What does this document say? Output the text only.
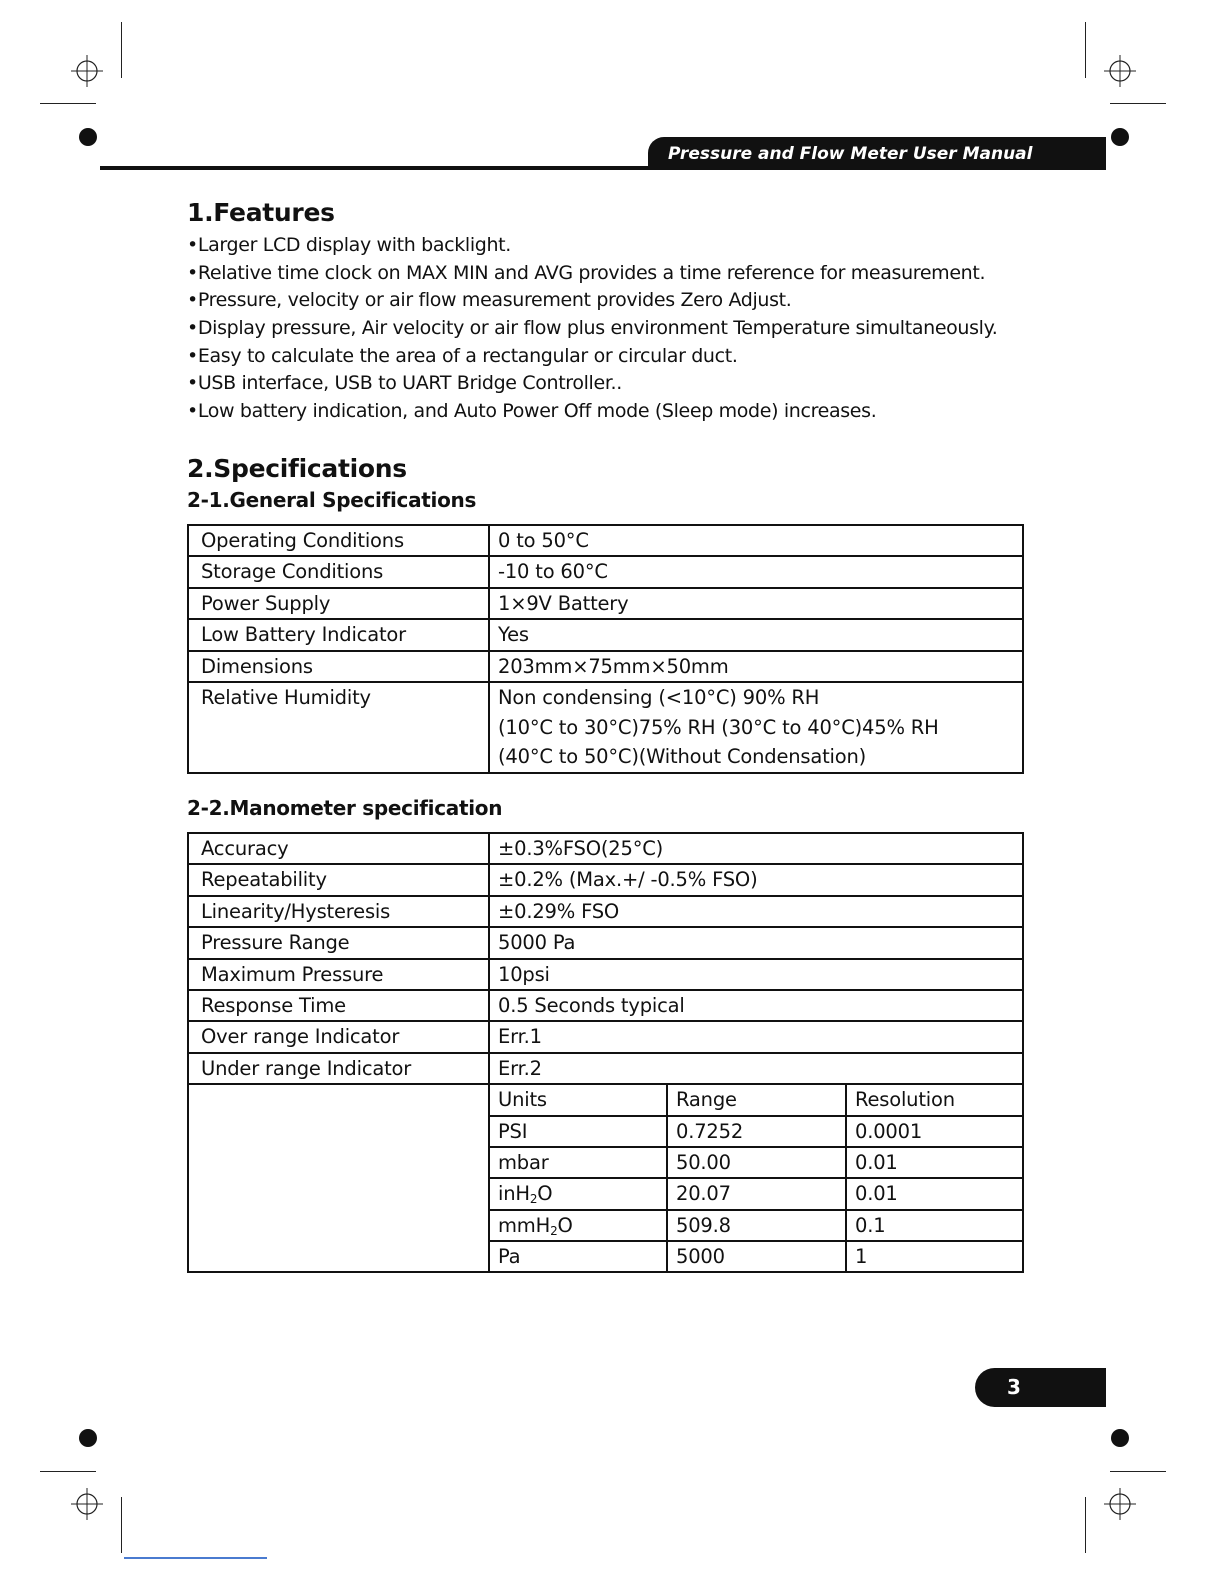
Pressure and Flow Meter User Manual
1.Features
•Larger LCD display with backlight.
•Relative time clock on MAX MIN and AVG provides a time reference for measurement.
•Pressure, velocity or air flow measurement provides Zero Adjust.
•Display pressure, Air velocity or air flow plus environment Temperature simultaneously.
•Easy to calculate the area of a rectangular or circular duct.
•USB interface, USB to UART Bridge Controller..
•Low battery indication, and Auto Power Off mode (Sleep mode) increases.
2.Specifications
2-1.General Specifications
Operating Conditions	0 to 50°C
Storage Conditions	-10 to 60°C
Power Supply	1×9V Battery
Low Battery Indicator	Yes
Dimensions	203mm×75mm×50mm
Relative Humidity	Non condensing (<10°C) 90% RH
(10°C to 30°C)75% RH (30°C to 40°C)45% RH
(40°C to 50°C)(Without Condensation)
2-2.Manometer specification
Accuracy	±0.3%FSO(25°C)		
Repeatability	±0.2% (Max.+/ -0.5% FSO)		
Linearity/Hysteresis	±0.29% FSO		
Pressure Range	5000 Pa		
Maximum Pressure	10psi		
Response Time	0.5 Seconds typical		
Over range Indicator	Err.1		
Under range Indicator	Err.2		
	Units	Range	Resolution
	PSI	0.7252	0.0001
	mbar	50.00	0.01
	inH$_2$O	20.07	0.01
	mmH$_2$O	509.8	0.1
	Pa	5000	1
3
